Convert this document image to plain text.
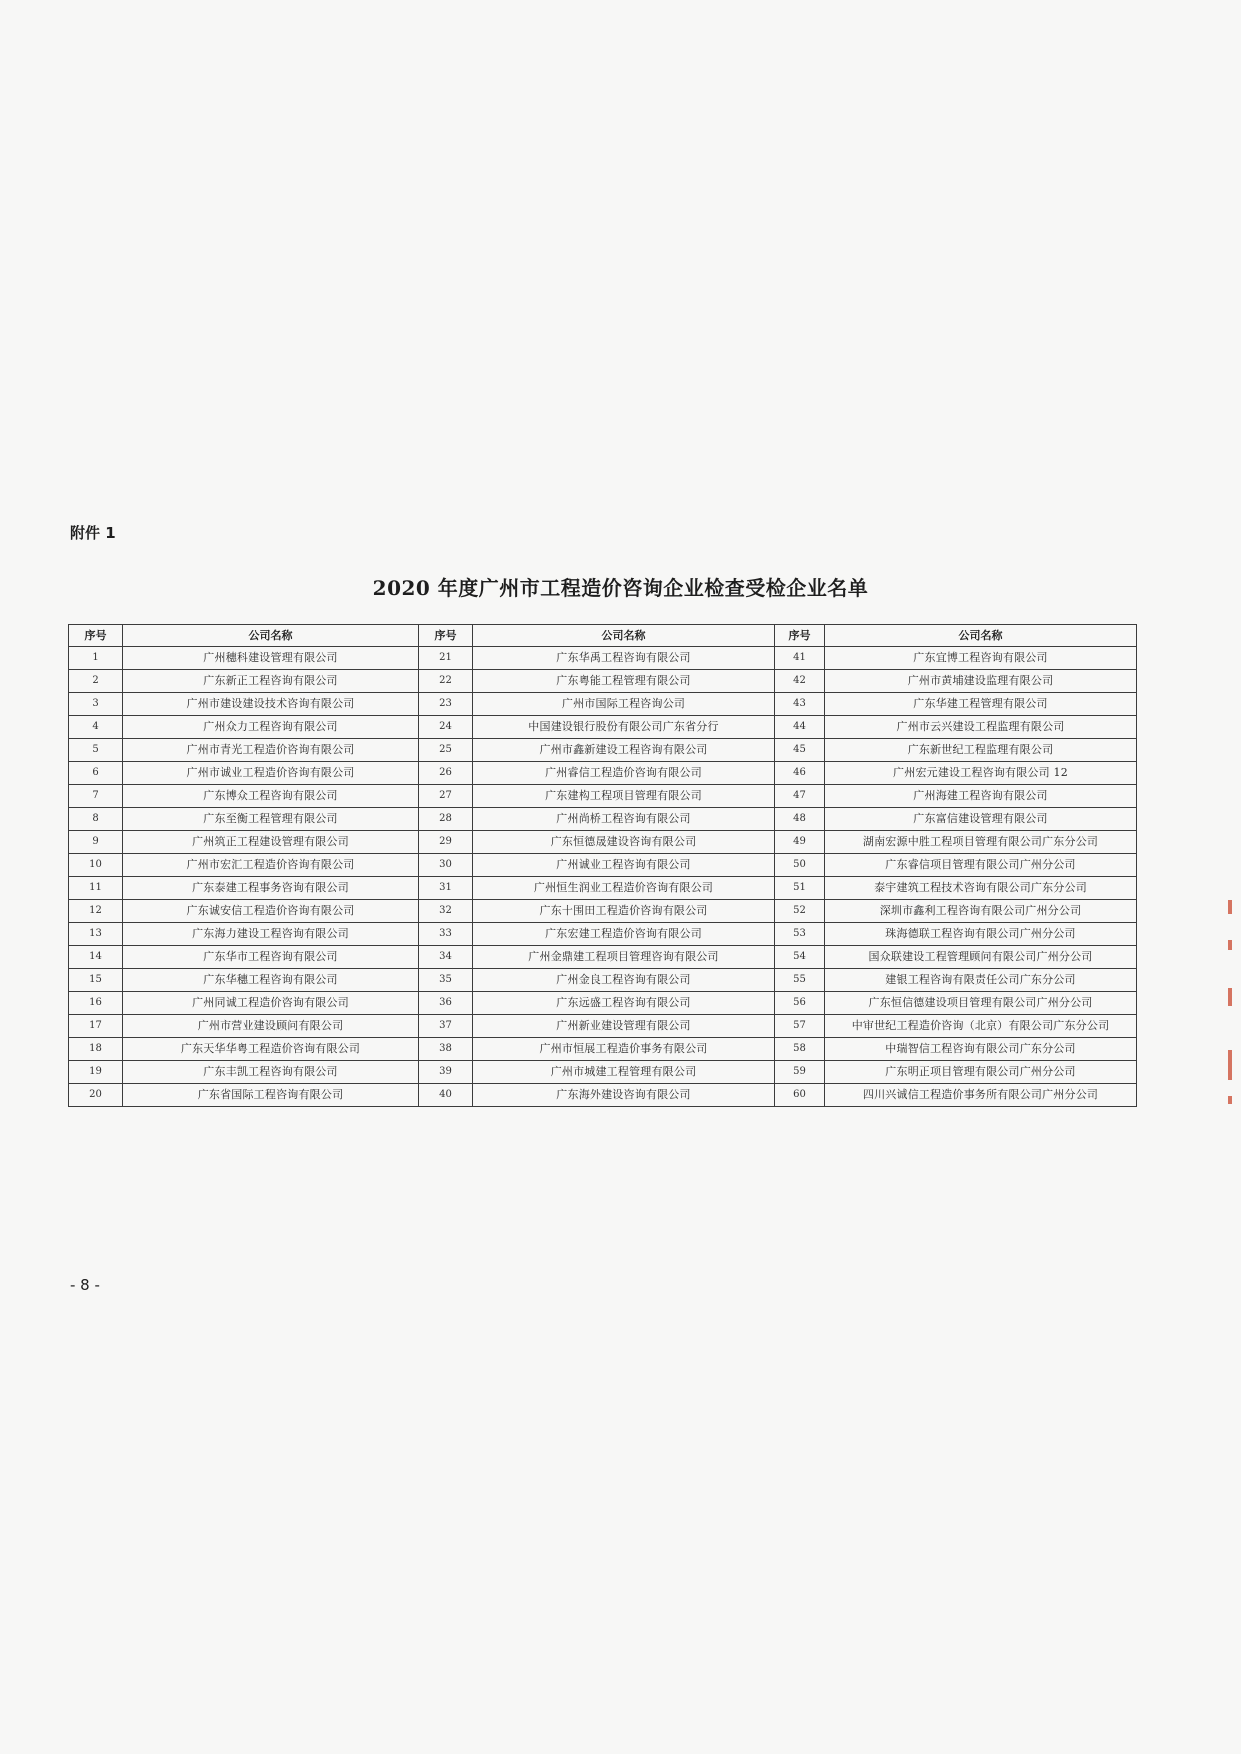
附件 1

2020 年度广州市工程造价咨询企业检查受检企业名单
序号	公司名称	序号	公司名称	序号	公司名称
1	广州穗科建设管理有限公司	21	广东华禹工程咨询有限公司	41	广东宜博工程咨询有限公司
2	广东新正工程咨询有限公司	22	广东粤能工程管理有限公司	42	广州市黄埔建设监理有限公司
3	广州市建设建设技术咨询有限公司	23	广州市国际工程咨询公司	43	广东华建工程管理有限公司
4	广州众力工程咨询有限公司	24	中国建设银行股份有限公司广东省分行	44	广州市云兴建设工程监理有限公司
5	广州市青光工程造价咨询有限公司	25	广州市鑫新建设工程咨询有限公司	45	广东新世纪工程监理有限公司
6	广州市诚业工程造价咨询有限公司	26	广州睿信工程造价咨询有限公司	46	广州宏元建设工程咨询有限公司 12
7	广东博众工程咨询有限公司	27	广东建构工程项目管理有限公司	47	广州海建工程咨询有限公司
8	广东至衡工程管理有限公司	28	广州尚桥工程咨询有限公司	48	广东富信建设管理有限公司
9	广州筑正工程建设管理有限公司	29	广东恒德晟建设咨询有限公司	49	湖南宏源中胜工程项目管理有限公司广东分公司
10	广州市宏汇工程造价咨询有限公司	30	广州诚业工程咨询有限公司	50	广东睿信项目管理有限公司广州分公司
11	广东泰建工程事务咨询有限公司	31	广州恒生润业工程造价咨询有限公司	51	泰宇建筑工程技术咨询有限公司广东分公司
12	广东诚安信工程造价咨询有限公司	32	广东十围田工程造价咨询有限公司	52	深圳市鑫利工程咨询有限公司广州分公司
13	广东海力建设工程咨询有限公司	33	广东宏建工程造价咨询有限公司	53	珠海德联工程咨询有限公司广州分公司
14	广东华市工程咨询有限公司	34	广州金鼎建工程项目管理咨询有限公司	54	国众联建设工程管理顾问有限公司广州分公司
15	广东华穗工程咨询有限公司	35	广州金良工程咨询有限公司	55	建银工程咨询有限责任公司广东分公司
16	广州同诚工程造价咨询有限公司	36	广东远盛工程咨询有限公司	56	广东恒信德建设项目管理有限公司广州分公司
17	广州市营业建设顾问有限公司	37	广州新业建设管理有限公司	57	中审世纪工程造价咨询（北京）有限公司广东分公司
18	广东天华华粤工程造价咨询有限公司	38	广州市恒展工程造价事务有限公司	58	中瑞智信工程咨询有限公司广东分公司
19	广东丰凯工程咨询有限公司	39	广州市城建工程管理有限公司	59	广东明正项目管理有限公司广州分公司
20	广东省国际工程咨询有限公司	40	广东海外建设咨询有限公司	60	四川兴诚信工程造价事务所有限公司广州分公司

- 8 -
